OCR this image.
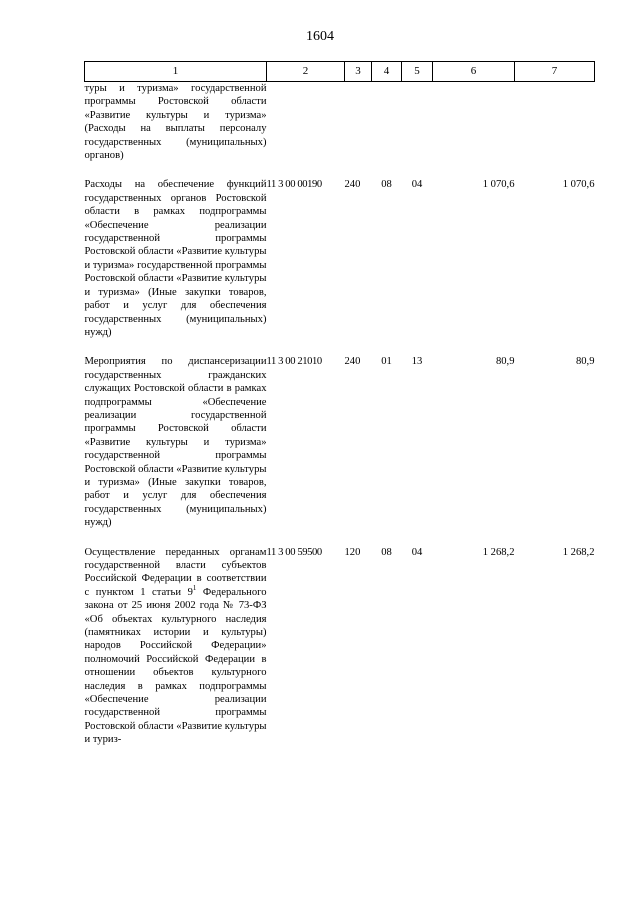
1604
1	2	3	4	5	6	7
туры и туризма» государственной программы Ростовской области «Развитие культуры и туризма» (Расходы на выплаты персоналу государственных (муниципальных) органов)						
Расходы на обеспечение функций государственных органов Ростовской области в рамках подпрограммы «Обеспечение реализации государственной программы Ростовской области «Развитие культуры и туризма» государственной программы Ростовской области «Развитие культуры и туризма» (Иные закупки товаров, работ и услуг для обеспечения государственных (муниципальных) нужд)	11 3 00 00190	240	08	04	1 070,6	1 070,6
Мероприятия по диспансеризации государственных гражданских служащих Ростовской области в рамках подпрограммы «Обеспечение реализации государственной программы Ростовской области «Развитие культуры и туризма» государственной программы Ростовской области «Развитие культуры и туризма» (Иные закупки товаров, работ и услуг для обеспечения государственных (муниципальных) нужд)	11 3 00 21010	240	01	13	80,9	80,9
Осуществление переданных органам государственной власти субъектов Российской Федерации в соответствии с пунктом 1 статьи $9^1$ Федерального закона от 25 июня 2002 года № 73-ФЗ «Об объектах культурного наследия (памятниках истории и культуры) народов Российской Федерации» полномочий Российской Федерации в отношении объектов культурного наследия в рамках подпрограммы «Обеспечение реализации государственной программы Ростовской области «Развитие культуры и туриз-	11 3 00 59500	120	08	04	1 268,2	1 268,2
